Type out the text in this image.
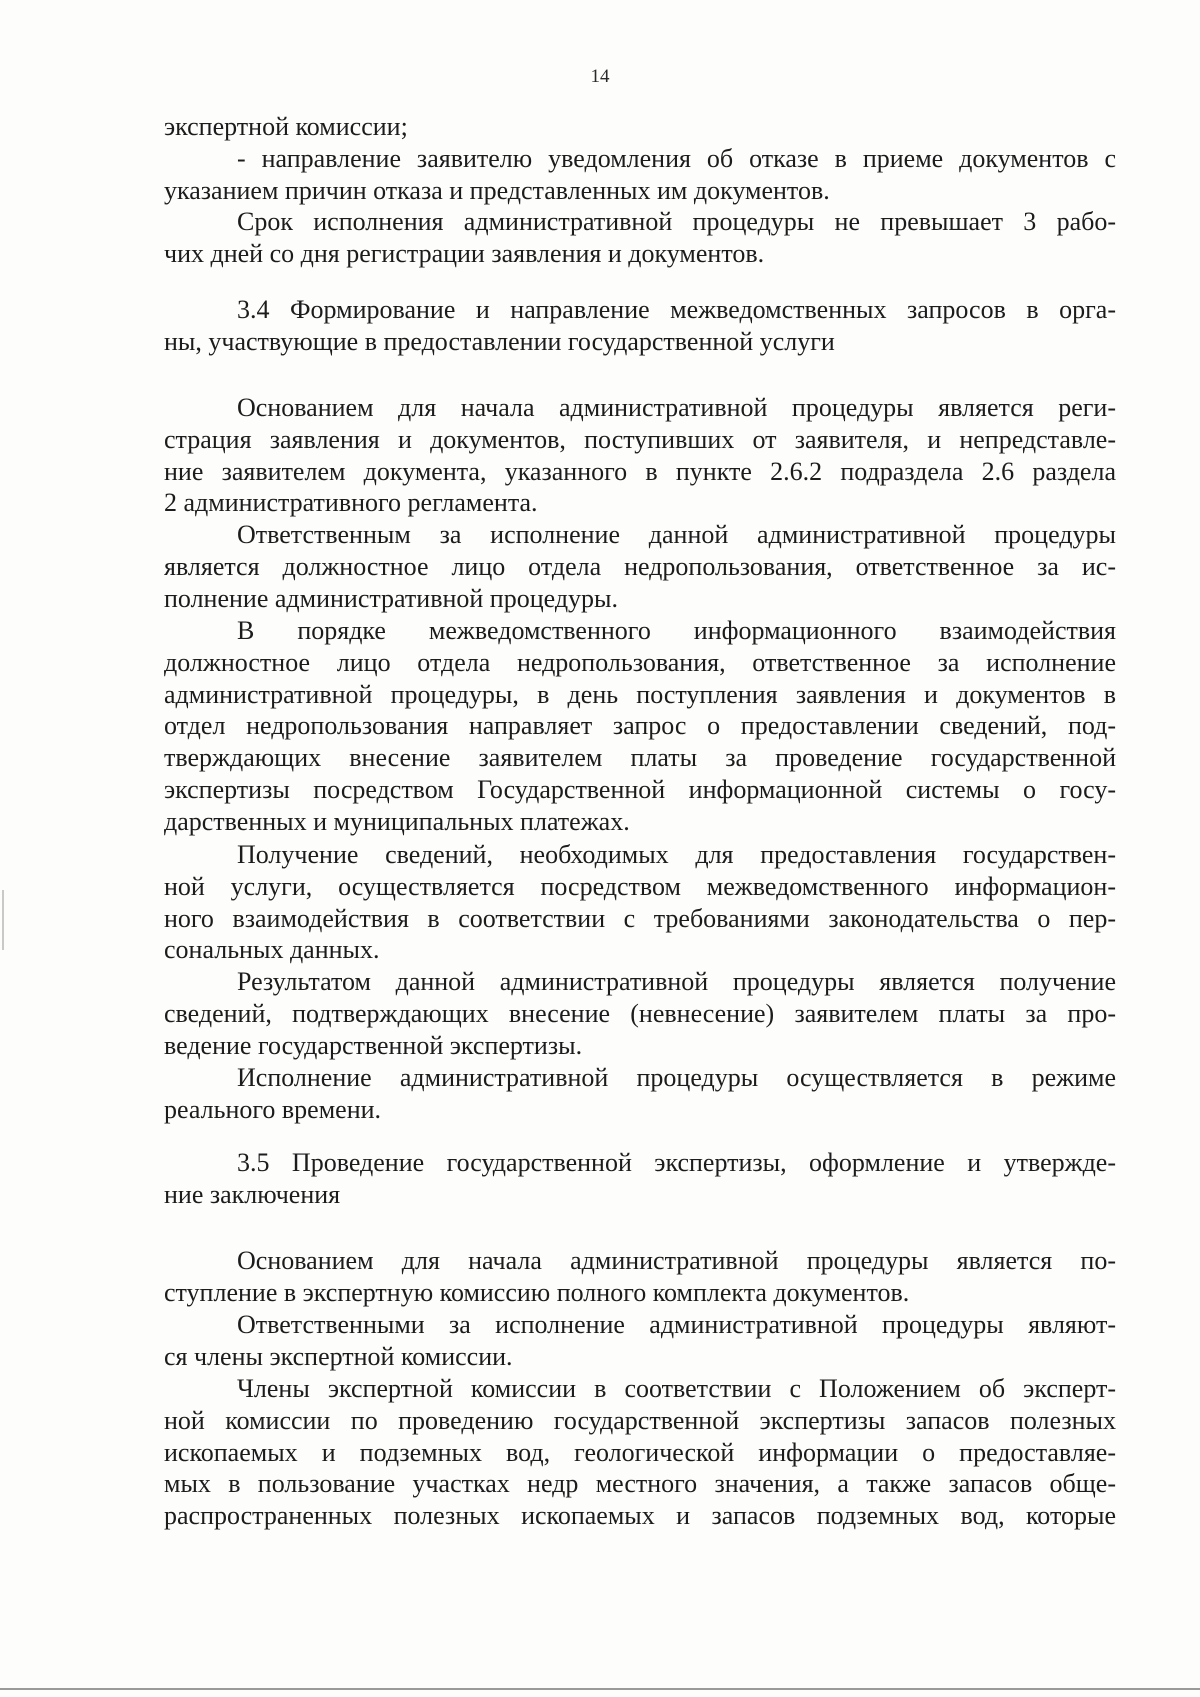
14
экспертной комиссии;
- направление заявителю уведомления об отказе в приеме документов с
указанием причин отказа и представленных им документов.
Срок исполнения административной процедуры не превышает 3 рабо-
чих дней со дня регистрации заявления и документов.
3.4 Формирование и направление межведомственных запросов в орга-
ны, участвующие в предоставлении государственной услуги
Основанием для начала административной процедуры является реги-
страция заявления и документов, поступивших от заявителя, и непредставле-
ние заявителем документа, указанного в пункте 2.6.2 подраздела 2.6 раздела
2 административного регламента.
Ответственным за исполнение данной административной процедуры
является должностное лицо отдела недропользования, ответственное за ис-
полнение административной процедуры.
В порядке межведомственного информационного взаимодействия
должностное лицо отдела недропользования, ответственное за исполнение
административной процедуры, в день поступления заявления и документов в
отдел недропользования направляет запрос о предоставлении сведений, под-
тверждающих внесение заявителем платы за проведение государственной
экспертизы посредством Государственной информационной системы о госу-
дарственных и муниципальных платежах.
Получение сведений, необходимых для предоставления государствен-
ной услуги, осуществляется посредством межведомственного информацион-
ного взаимодействия в соответствии с требованиями законодательства о пер-
сональных данных.
Результатом данной административной процедуры является получение
сведений, подтверждающих внесение (невнесение) заявителем платы за про-
ведение государственной экспертизы.
Исполнение административной процедуры осуществляется в режиме
реального времени.
3.5 Проведение государственной экспертизы, оформление и утвержде-
ние заключения
Основанием для начала административной процедуры является по-
ступление в экспертную комиссию полного комплекта документов.
Ответственными за исполнение административной процедуры являют-
ся члены экспертной комиссии.
Члены экспертной комиссии в соответствии с Положением об эксперт-
ной комиссии по проведению государственной экспертизы запасов полезных
ископаемых и подземных вод, геологической информации о предоставляе-
мых в пользование участках недр местного значения, а также запасов обще-
распространенных полезных ископаемых и запасов подземных вод, которые
